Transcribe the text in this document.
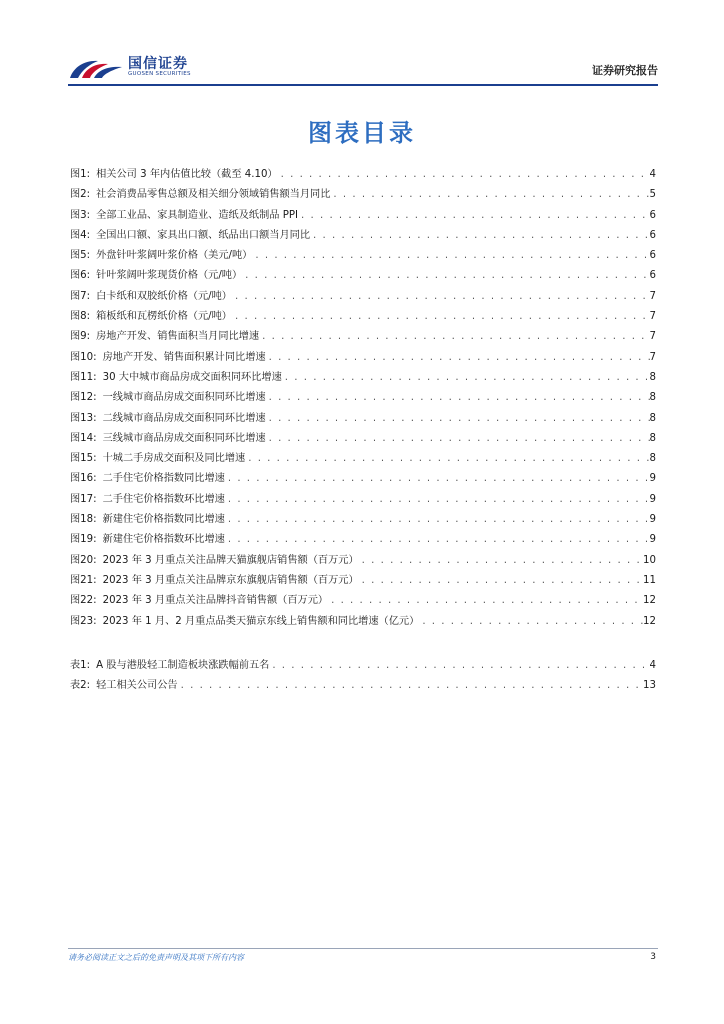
国信证券
GUOSEN SECURITIES	证券研究报告
图表目录
图1: 相关公司 3 年内估值比较（截至 4.10） . . .	4
图2: 社会消费品零售总额及相关细分领域销售额当月同比 . . .	5
图3: 全部工业品、家具制造业、造纸及纸制品 PPI . . .	6
图4: 全国出口额、家具出口额、纸品出口额当月同比 . . .	6
图5: 外盘针叶浆阔叶浆价格（美元/吨） . . .	6
图6: 针叶浆阔叶浆现货价格（元/吨） . . .	6
图7: 白卡纸和双胶纸价格（元/吨） . . .	7
图8: 箱板纸和瓦楞纸价格（元/吨） . . .	7
图9: 房地产开发、销售面积当月同比增速 . . .	7
图10: 房地产开发、销售面积累计同比增速 . . .	7
图11: 30 大中城市商品房成交面积同环比增速 . . .	8
图12: 一线城市商品房成交面积同环比增速 . . .	8
图13: 二线城市商品房成交面积同环比增速 . . .	8
图14: 三线城市商品房成交面积同环比增速 . . .	8
图15: 十城二手房成交面积及同比增速 . . .	8
图16: 二手住宅价格指数同比增速 . . .	9
图17: 二手住宅价格指数环比增速 . . .	9
图18: 新建住宅价格指数同比增速 . . .	9
图19: 新建住宅价格指数环比增速 . . .	9
图20: 2023 年 3 月重点关注品牌天猫旗舰店销售额（百万元） . . .	10
图21: 2023 年 3 月重点关注品牌京东旗舰店销售额（百万元） . . .	11
图22: 2023 年 3 月重点关注品牌抖音销售额（百万元） . . .	12
图23: 2023 年 1 月、2 月重点品类天猫京东线上销售额和同比增速（亿元） . . .	12
表1: A 股与港股轻工制造板块涨跌幅前五名 . . .	4
表2: 轻工相关公司公告 . . .	13
请务必阅读正文之后的免责声明及其项下所有内容	3
